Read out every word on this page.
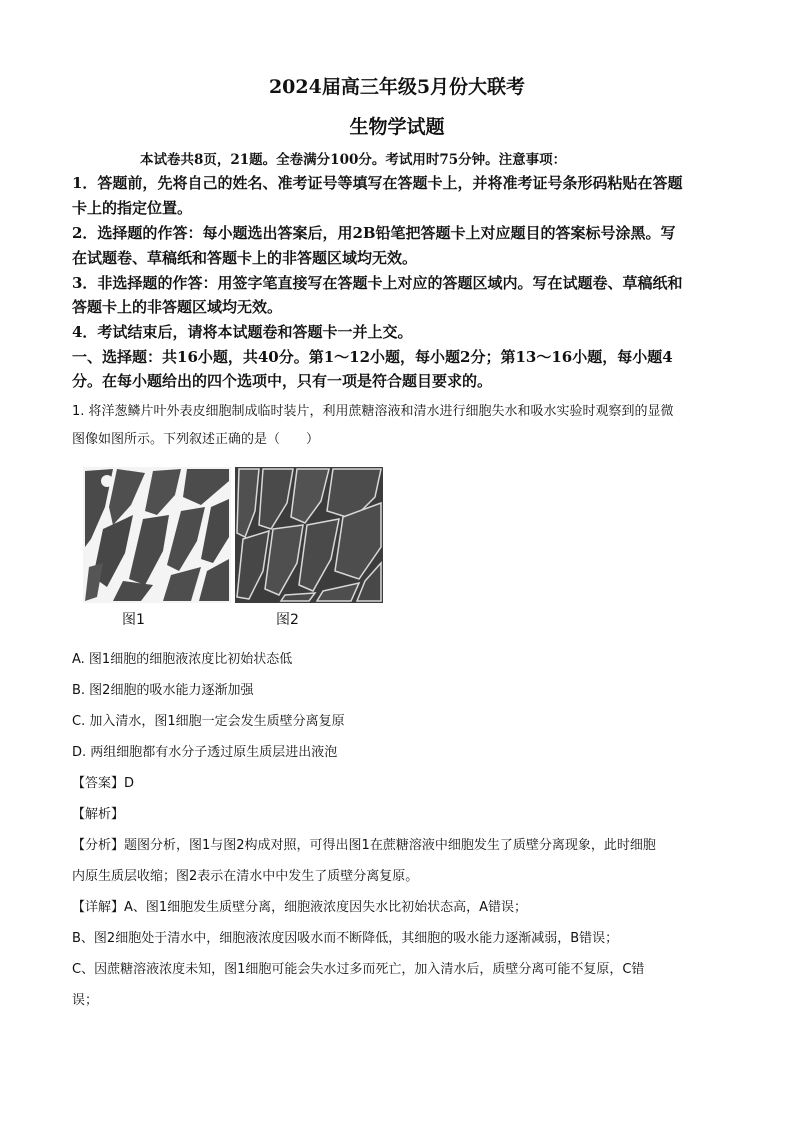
2024届高三年级5月份大联考
生物学试题
本试卷共8页，21题。全卷满分100分。考试用时75分钟。注意事项：
1．答题前，先将自己的姓名、准考证号等填写在答题卡上，并将准考证号条形码粘贴在答题
卡上的指定位置。
2．选择题的作答：每小题选出答案后，用2B铅笔把答题卡上对应题目的答案标号涂黑。写
在试题卷、草稿纸和答题卡上的非答题区域均无效。
3．非选择题的作答：用签字笔直接写在答题卡上对应的答题区域内。写在试题卷、草稿纸和
答题卡上的非答题区域均无效。
4．考试结束后，请将本试题卷和答题卡一并上交。
一、选择题：共16小题，共40分。第1～12小题，每小题2分；第13～16小题，每小题4
分。在每小题给出的四个选项中，只有一项是符合题目要求的。
1. 将洋葱鳞片叶外表皮细胞制成临时装片，利用蔗糖溶液和清水进行细胞失水和吸水实验时观察到的显微
图像如图所示。下列叙述正确的是（　　）
图1	图2
A. 图1细胞的细胞液浓度比初始状态低
B. 图2细胞的吸水能力逐渐加强
C. 加入清水，图1细胞一定会发生质壁分离复原
D. 两组细胞都有水分子透过原生质层进出液泡
【答案】D
【解析】
【分析】题图分析，图1与图2构成对照，可得出图1在蔗糖溶液中细胞发生了质壁分离现象，此时细胞
内原生质层收缩；图2表示在清水中中发生了质壁分离复原。
【详解】A、图1细胞发生质壁分离，细胞液浓度因失水比初始状态高，A错误；
B、图2细胞处于清水中，细胞液浓度因吸水而不断降低，其细胞的吸水能力逐渐减弱，B错误；
C、因蔗糖溶液浓度未知，图1细胞可能会失水过多而死亡，加入清水后，质壁分离可能不复原，C错
误；
